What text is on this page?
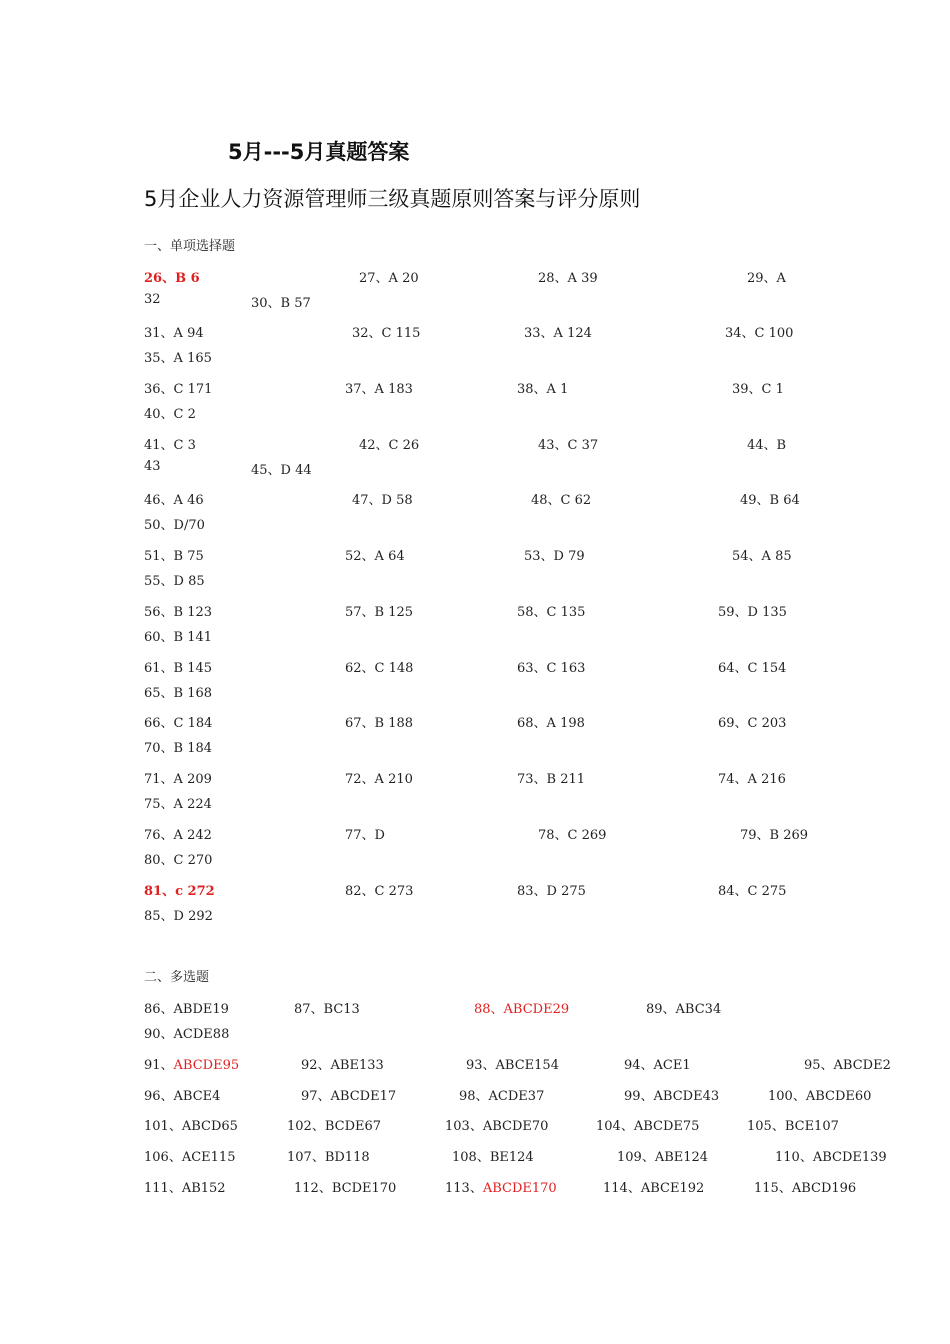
5月---5月真题答案
5月企业人力资源管理师三级真题原则答案与评分原则
一、单项选择题
26、B 6	27、A 20	28、A 39	29、A
32	30、B 57
31、A 94	32、C 115	33、A 124	34、C 100
35、A 165
36、C 171	37、A 183	38、A 1	39、C 1
40、C 2
41、C 3	42、C 26	43、C 37	44、B
43	45、D 44
46、A 46	47、D 58	48、C 62	49、B 64
50、D/70
51、B 75	52、A 64	53、D 79	54、A 85
55、D 85
56、B 123	57、B 125	58、C 135	59、D 135
60、B 141
61、B 145	62、C 148	63、C 163	64、C 154
65、B 168
66、C 184	67、B 188	68、A 198	69、C 203
70、B 184
71、A 209	72、A 210	73、B 211	74、A 216
75、A 224
76、A 242	77、D	78、C 269	79、B 269
80、C 270
81、c 272	82、C 273	83、D 275	84、C 275
85、D 292
二、多选题
86、ABDE19	87、BC13	88、ABCDE29	89、ABC34
90、ACDE88
91、ABCDE95	92、ABE133	93、ABCE154	94、ACE1	95、ABCDE2
96、ABCE4	97、ABCDE17	98、ACDE37	99、ABCDE43	100、ABCDE60
101、ABCD65	102、BCDE67	103、ABCDE70	104、ABCDE75	105、BCE107
106、ACE115	107、BD118	108、BE124	109、ABE124	110、ABCDE139
111、AB152	112、BCDE170	113、ABCDE170	114、ABCE192	115、ABCD196
